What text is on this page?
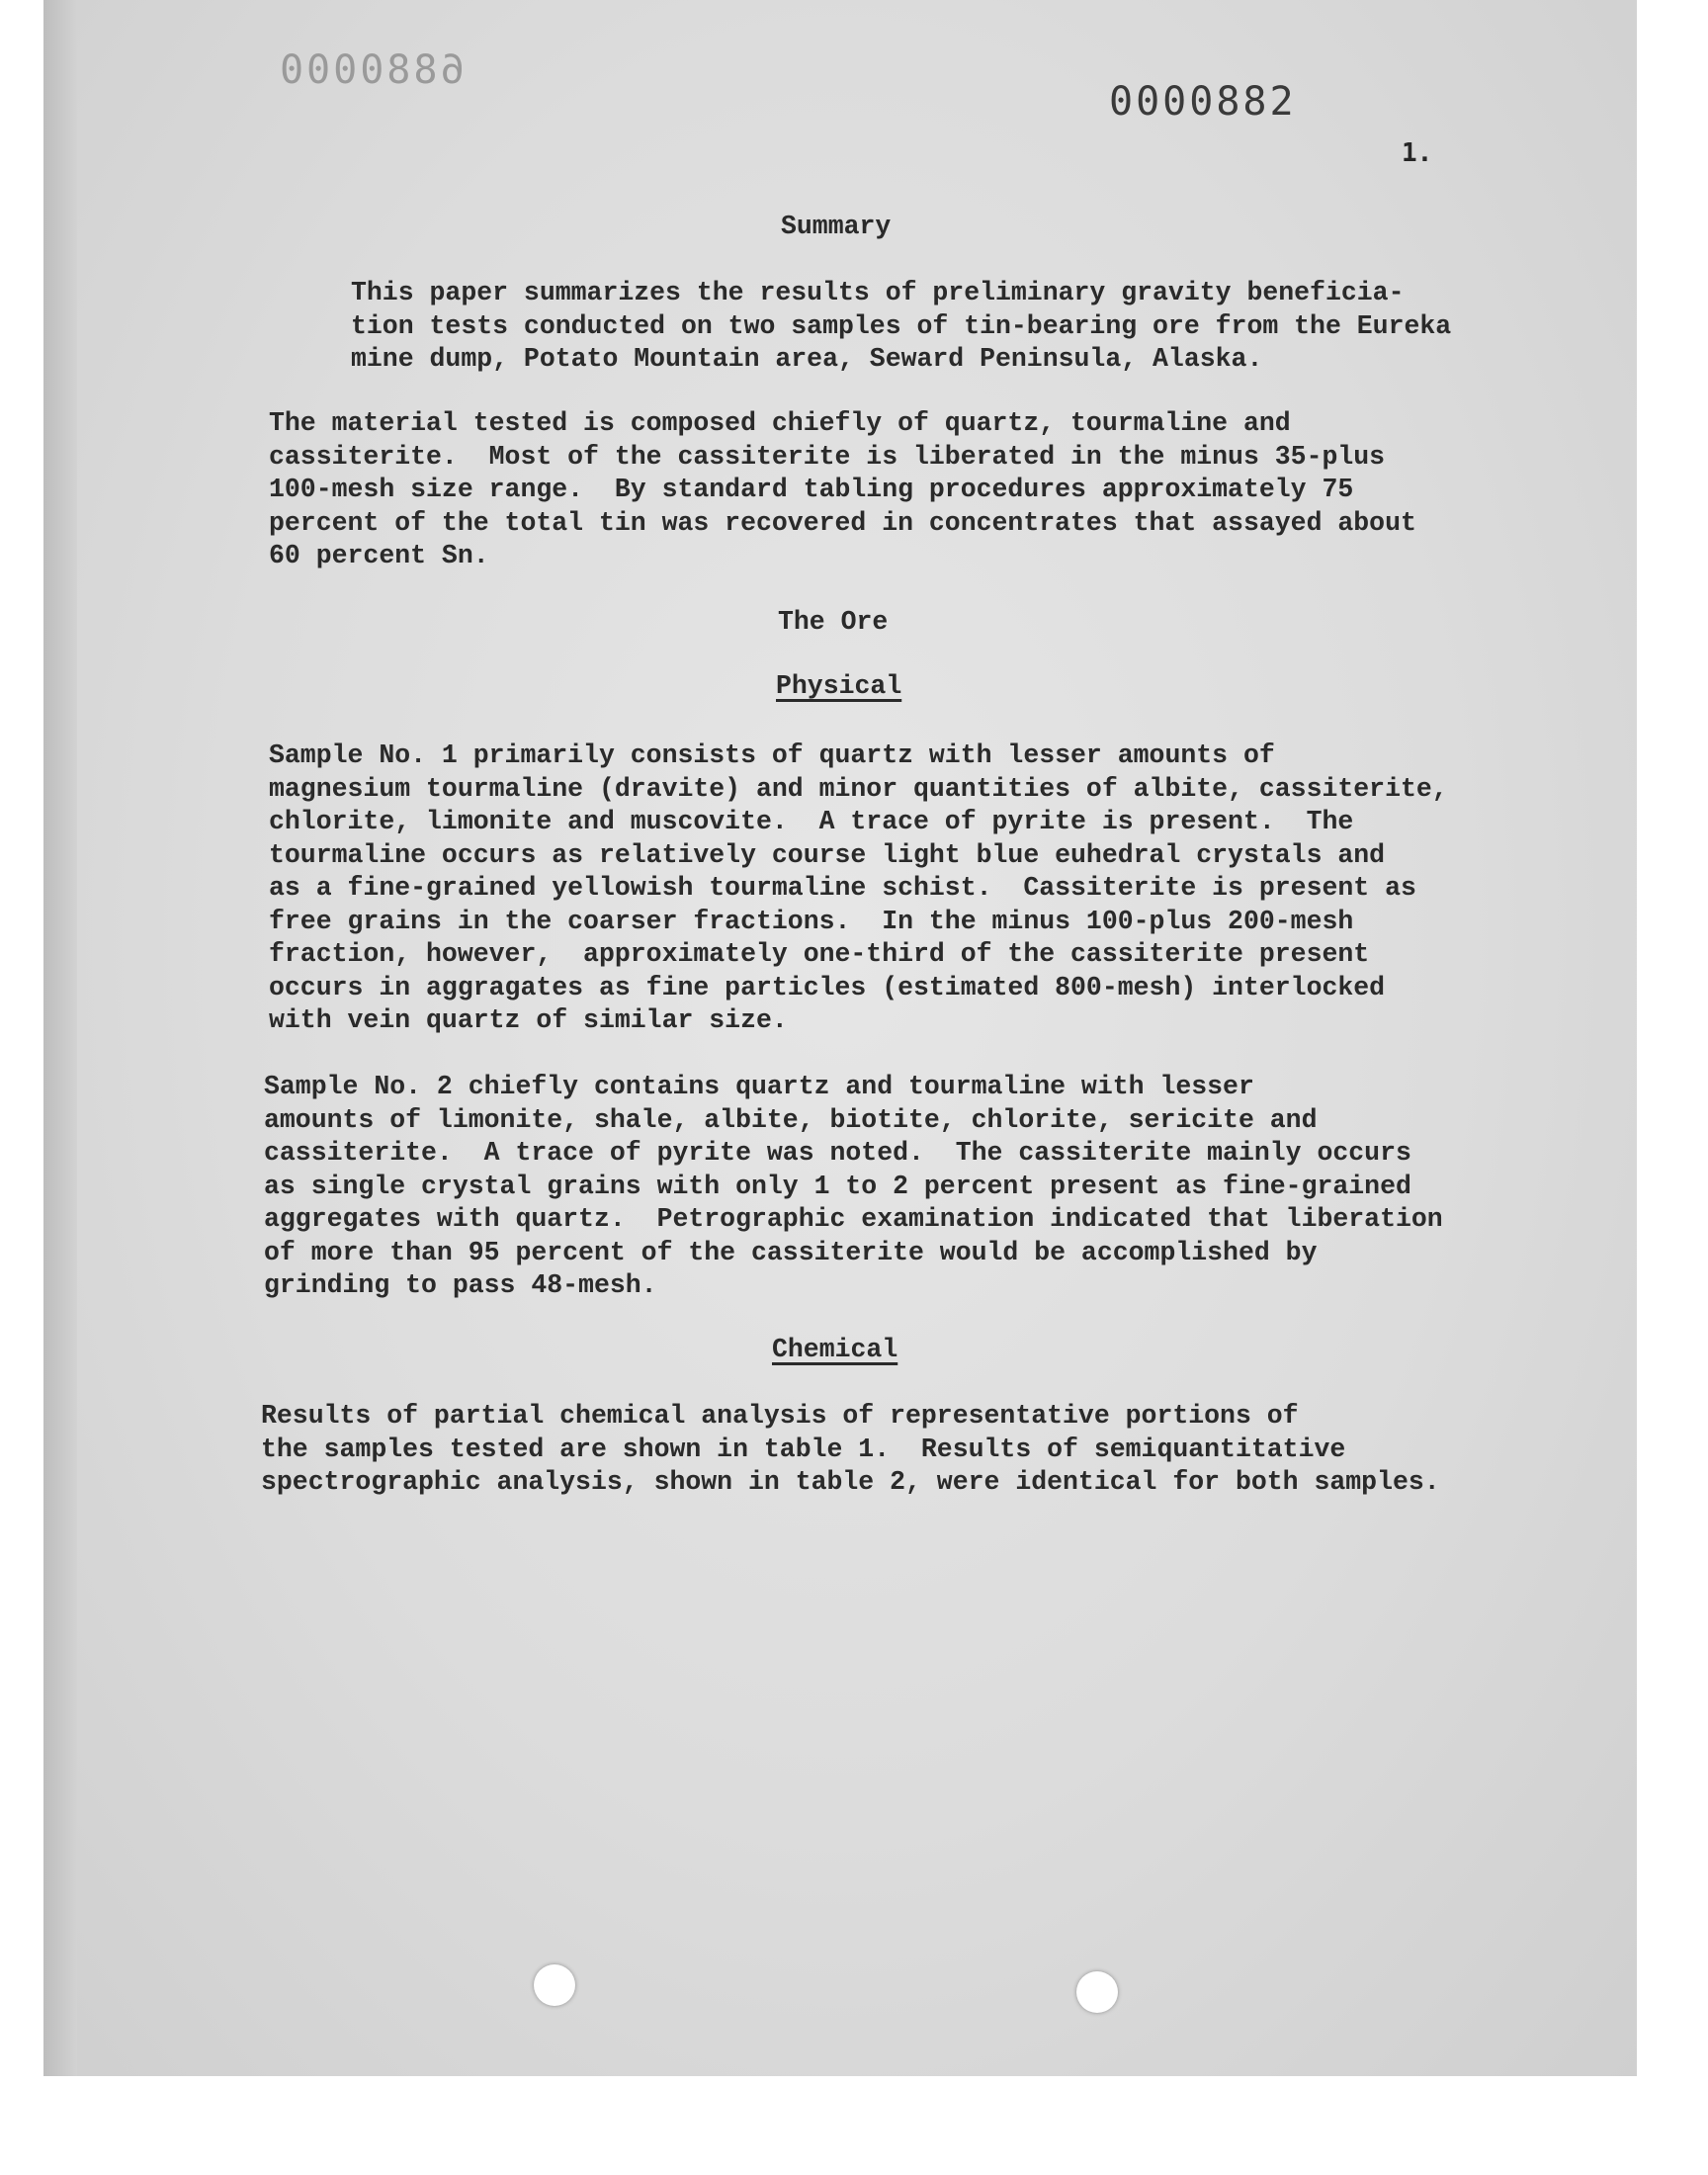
6880000
0000882
1.
Summary
This paper summarizes the results of preliminary gravity beneficia-
tion tests conducted on two samples of tin-bearing ore from the Eureka
mine dump, Potato Mountain area, Seward Peninsula, Alaska.
The material tested is composed chiefly of quartz, tourmaline and
cassiterite.  Most of the cassiterite is liberated in the minus 35-plus
100-mesh size range.  By standard tabling procedures approximately 75
percent of the total tin was recovered in concentrates that assayed about
60 percent Sn.
The Ore
Physical
Sample No. 1 primarily consists of quartz with lesser amounts of
magnesium tourmaline (dravite) and minor quantities of albite, cassiterite,
chlorite, limonite and muscovite.  A trace of pyrite is present.  The
tourmaline occurs as relatively course light blue euhedral crystals and
as a fine-grained yellowish tourmaline schist.  Cassiterite is present as
free grains in the coarser fractions.  In the minus 100-plus 200-mesh
fraction, however,  approximately one-third of the cassiterite present
occurs in aggragates as fine particles (estimated 800-mesh) interlocked
with vein quartz of similar size.
Sample No. 2 chiefly contains quartz and tourmaline with lesser
amounts of limonite, shale, albite, biotite, chlorite, sericite and
cassiterite.  A trace of pyrite was noted.  The cassiterite mainly occurs
as single crystal grains with only 1 to 2 percent present as fine-grained
aggregates with quartz.  Petrographic examination indicated that liberation
of more than 95 percent of the cassiterite would be accomplished by
grinding to pass 48-mesh.
Chemical
Results of partial chemical analysis of representative portions of
the samples tested are shown in table 1.  Results of semiquantitative
spectrographic analysis, shown in table 2, were identical for both samples.
